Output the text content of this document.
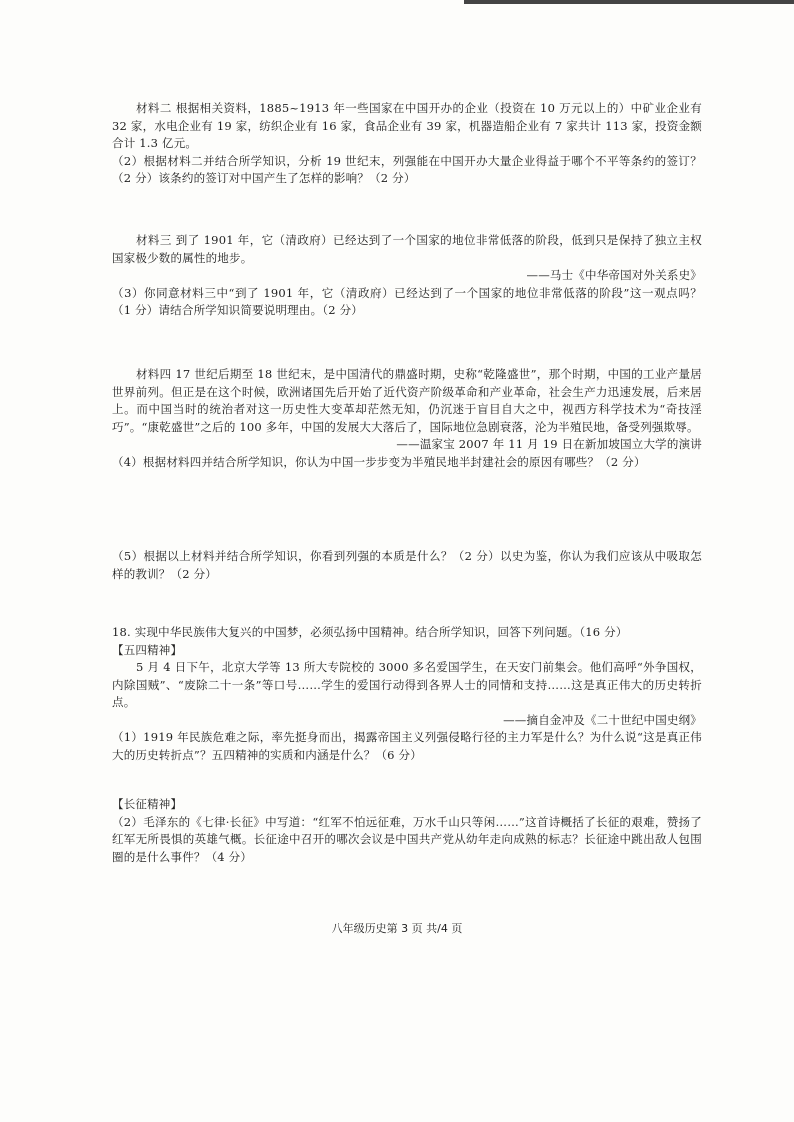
材料二 根据相关资料，1885~1913 年一些国家在中国开办的企业（投资在 10 万元以上的）中矿业企业有 32 家，水电企业有 19 家，纺织企业有 16 家，食品企业有 39 家，机器造船企业有 7 家共计 113 家，投资金额合计 1.3 亿元。

（2）根据材料二并结合所学知识，分析 19 世纪末，列强能在中国开办大量企业得益于哪个不平等条约的签订？（2 分）该条约的签订对中国产生了怎样的影响？（2 分）

材料三 到了 1901 年，它（清政府）已经达到了一个国家的地位非常低落的阶段，低到只是保持了独立主权国家极少数的属性的地步。

——马士《中华帝国对外关系史》

（3）你同意材料三中“到了 1901 年，它（清政府）已经达到了一个国家的地位非常低落的阶段”这一观点吗？（1 分）请结合所学知识简要说明理由。（2 分）

材料四 17 世纪后期至 18 世纪末，是中国清代的鼎盛时期，史称“乾隆盛世”，那个时期，中国的工业产量居世界前列。但正是在这个时候，欧洲诸国先后开始了近代资产阶级革命和产业革命，社会生产力迅速发展，后来居上。而中国当时的统治者对这一历史性大变革却茫然无知，仍沉迷于盲目自大之中，视西方科学技术为“奇技淫巧”。“康乾盛世”之后的 100 多年，中国的发展大大落后了，国际地位急剧衰落，沦为半殖民地，备受列强欺辱。

——温家宝 2007 年 11 月 19 日在新加坡国立大学的演讲

（4）根据材料四并结合所学知识，你认为中国一步步变为半殖民地半封建社会的原因有哪些？（2 分）

（5）根据以上材料并结合所学知识，你看到列强的本质是什么？（2 分）以史为鉴，你认为我们应该从中吸取怎样的教训？（2 分）

18. 实现中华民族伟大复兴的中国梦，必须弘扬中国精神。结合所学知识，回答下列问题。（16 分）

【五四精神】

5 月 4 日下午，北京大学等 13 所大专院校的 3000 多名爱国学生，在天安门前集会。他们高呼“外争国权，内除国贼”、“废除二十一条”等口号……学生的爱国行动得到各界人士的同情和支持……这是真正伟大的历史转折点。

——摘自金冲及《二十世纪中国史纲》

（1）1919 年民族危难之际，率先挺身而出，揭露帝国主义列强侵略行径的主力军是什么？为什么说“这是真正伟大的历史转折点”？五四精神的实质和内涵是什么？（6 分）

【长征精神】

（2）毛泽东的《七律·长征》中写道：“红军不怕远征难，万水千山只等闲……”这首诗概括了长征的艰难，赞扬了红军无所畏惧的英雄气概。长征途中召开的哪次会议是中国共产党从幼年走向成熟的标志？长征途中跳出敌人包围圈的是什么事件？（4 分）

八年级历史第 3 页 共/4 页
